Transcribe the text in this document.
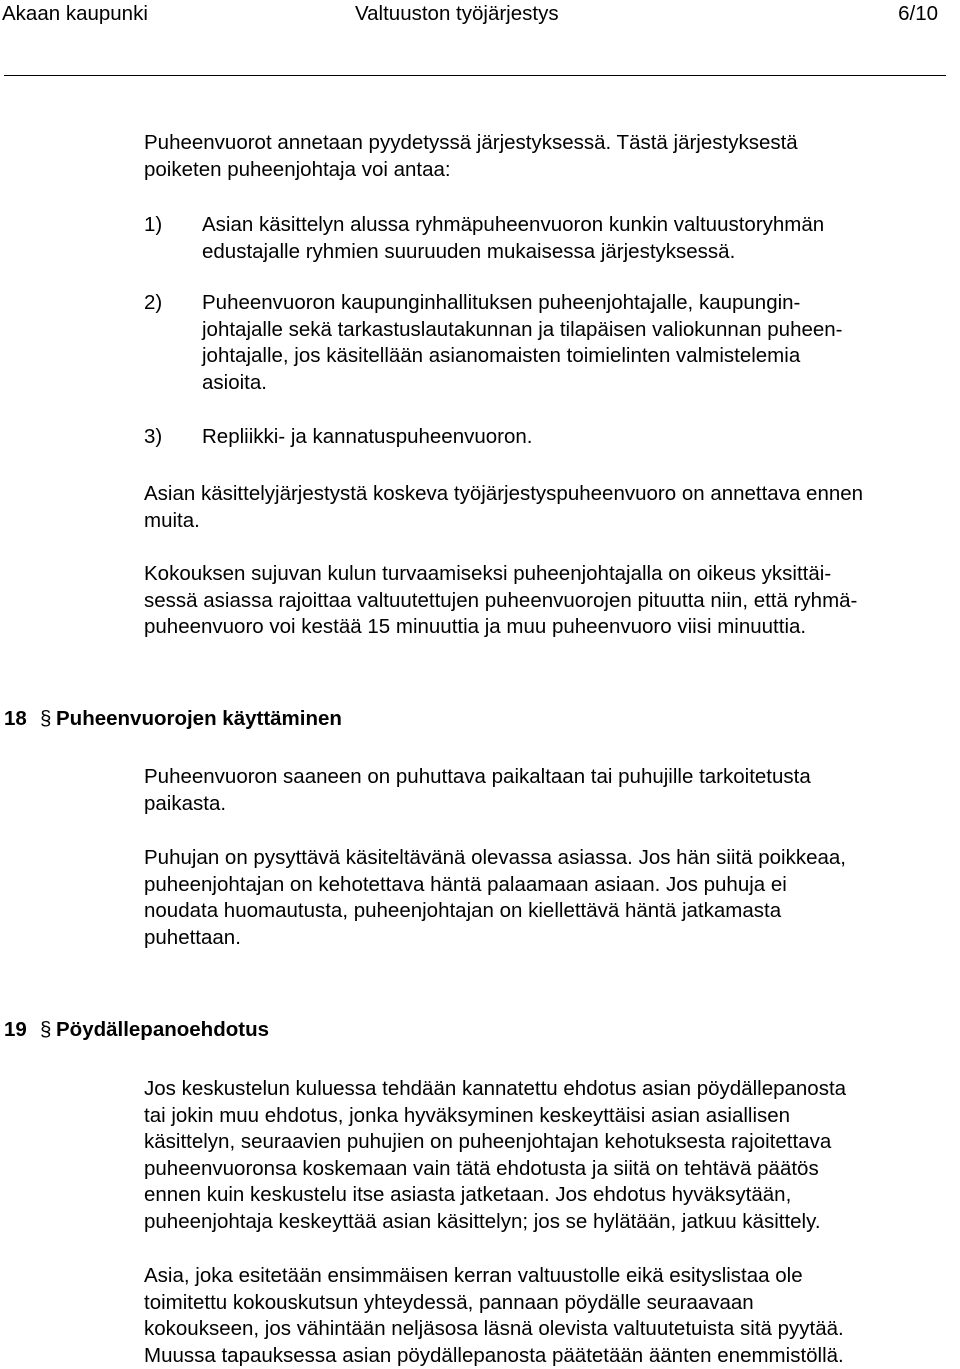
Akaan kaupunki	Valtuuston työjärjestys	6/10
Puheenvuorot annetaan pyydetyssä järjestyksessä. Tästä järjestyksestä
poiketen puheenjohtaja voi antaa:
1) Asian käsittelyn alussa ryhmäpuheenvuoron kunkin valtuustoryhmän
edustajalle ryhmien suuruuden mukaisessa järjestyksessä.
2) Puheenvuoron kaupunginhallituksen puheenjohtajalle, kaupungin-
johtajalle sekä tarkastuslautakunnan ja tilapäisen valiokunnan puheen-
johtajalle, jos käsitellään asianomaisten toimielinten valmistelemia
asioita.
3) Repliikki- ja kannatuspuheenvuoron.
Asian käsittelyjärjestystä koskeva työjärjestyspuheenvuoro on annettava ennen
muita.
Kokouksen sujuvan kulun turvaamiseksi puheenjohtajalla on oikeus yksittäi-
sessä asiassa rajoittaa valtuutettujen puheenvuorojen pituutta niin, että ryhmä-
puheenvuoro voi kestää 15 minuuttia ja muu puheenvuoro viisi minuuttia.
18 § Puheenvuorojen käyttäminen
Puheenvuoron saaneen on puhuttava paikaltaan tai puhujille tarkoitetusta
paikasta.
Puhujan on pysyttävä käsiteltävänä olevassa asiassa. Jos hän siitä poikkeaa,
puheenjohtajan on kehotettava häntä palaamaan asiaan. Jos puhuja ei
noudata huomautusta, puheenjohtajan on kiellettävä häntä jatkamasta
puhettaan.
19 § Pöydällepanoehdotus
Jos keskustelun kuluessa tehdään kannatettu ehdotus asian pöydällepanosta
tai jokin muu ehdotus, jonka hyväksyminen keskeyttäisi asian asiallisen
käsittelyn, seuraavien puhujien on puheenjohtajan kehotuksesta rajoitettava
puheenvuoronsa koskemaan vain tätä ehdotusta ja siitä on tehtävä päätös
ennen kuin keskustelu itse asiasta jatketaan. Jos ehdotus hyväksytään,
puheenjohtaja keskeyttää asian käsittelyn; jos se hylätään, jatkuu käsittely.
Asia, joka esitetään ensimmäisen kerran valtuustolle eikä esityslistaa ole
toimitettu kokouskutsun yhteydessä, pannaan pöydälle seuraavaan
kokoukseen, jos vähintään neljäsosa läsnä olevista valtuutetuista sitä pyytää.
Muussa tapauksessa asian pöydällepanosta päätetään äänten enemmistöllä.
